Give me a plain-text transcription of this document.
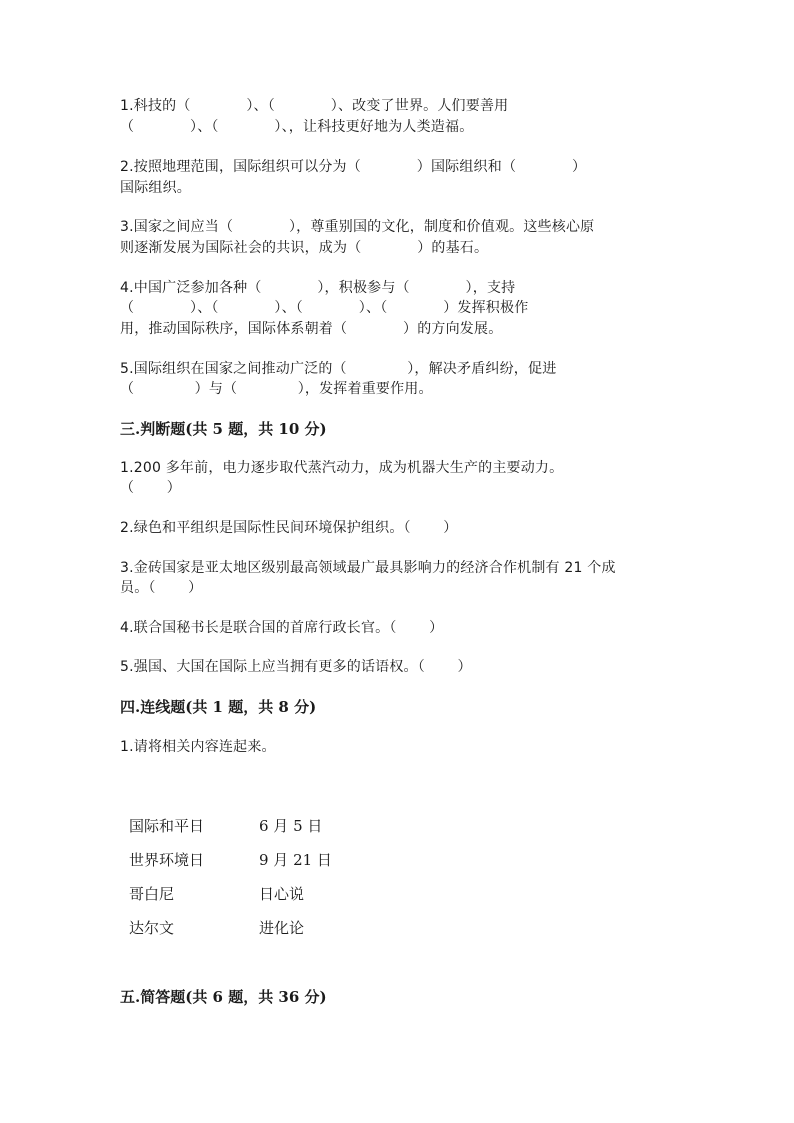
1.科技的（            ）、（            ）、改变了世界。人们要善用
（            ）、（            ）、，让科技更好地为人类造福。
2.按照地理范围，国际组织可以分为（            ）国际组织和（            ）
国际组织。
3.国家之间应当（            ），尊重别国的文化，制度和价值观。这些核心原
则逐渐发展为国际社会的共识，成为（            ）的基石。
4.中国广泛参加各种（            ），积极参与（            ），支持
（            ）、（            ）、（            ）、（            ）发挥积极作
用，推动国际秩序，国际体系朝着（            ）的方向发展。
5.国际组织在国家之间推动广泛的（             ），解决矛盾纠纷，促进
（             ）与（             ），发挥着重要作用。
三.判断题(共 5 题，共 10 分)
1.200 多年前，电力逐步取代蒸汽动力，成为机器大生产的主要动力。
（       ）
2.绿色和平组织是国际性民间环境保护组织。（       ）
3.金砖国家是亚太地区级别最高领域最广最具影响力的经济合作机制有 21 个成
员。（       ）
4.联合国秘书长是联合国的首席行政长官。（       ）
5.强国、大国在国际上应当拥有更多的话语权。（       ）
四.连线题(共 1 题，共 8 分)
1.请将相关内容连起来。
国际和平日	6 月 5 日
世界环境日	9 月 21 日
哥白尼	日心说
达尔文	进化论
五.简答题(共 6 题，共 36 分)
